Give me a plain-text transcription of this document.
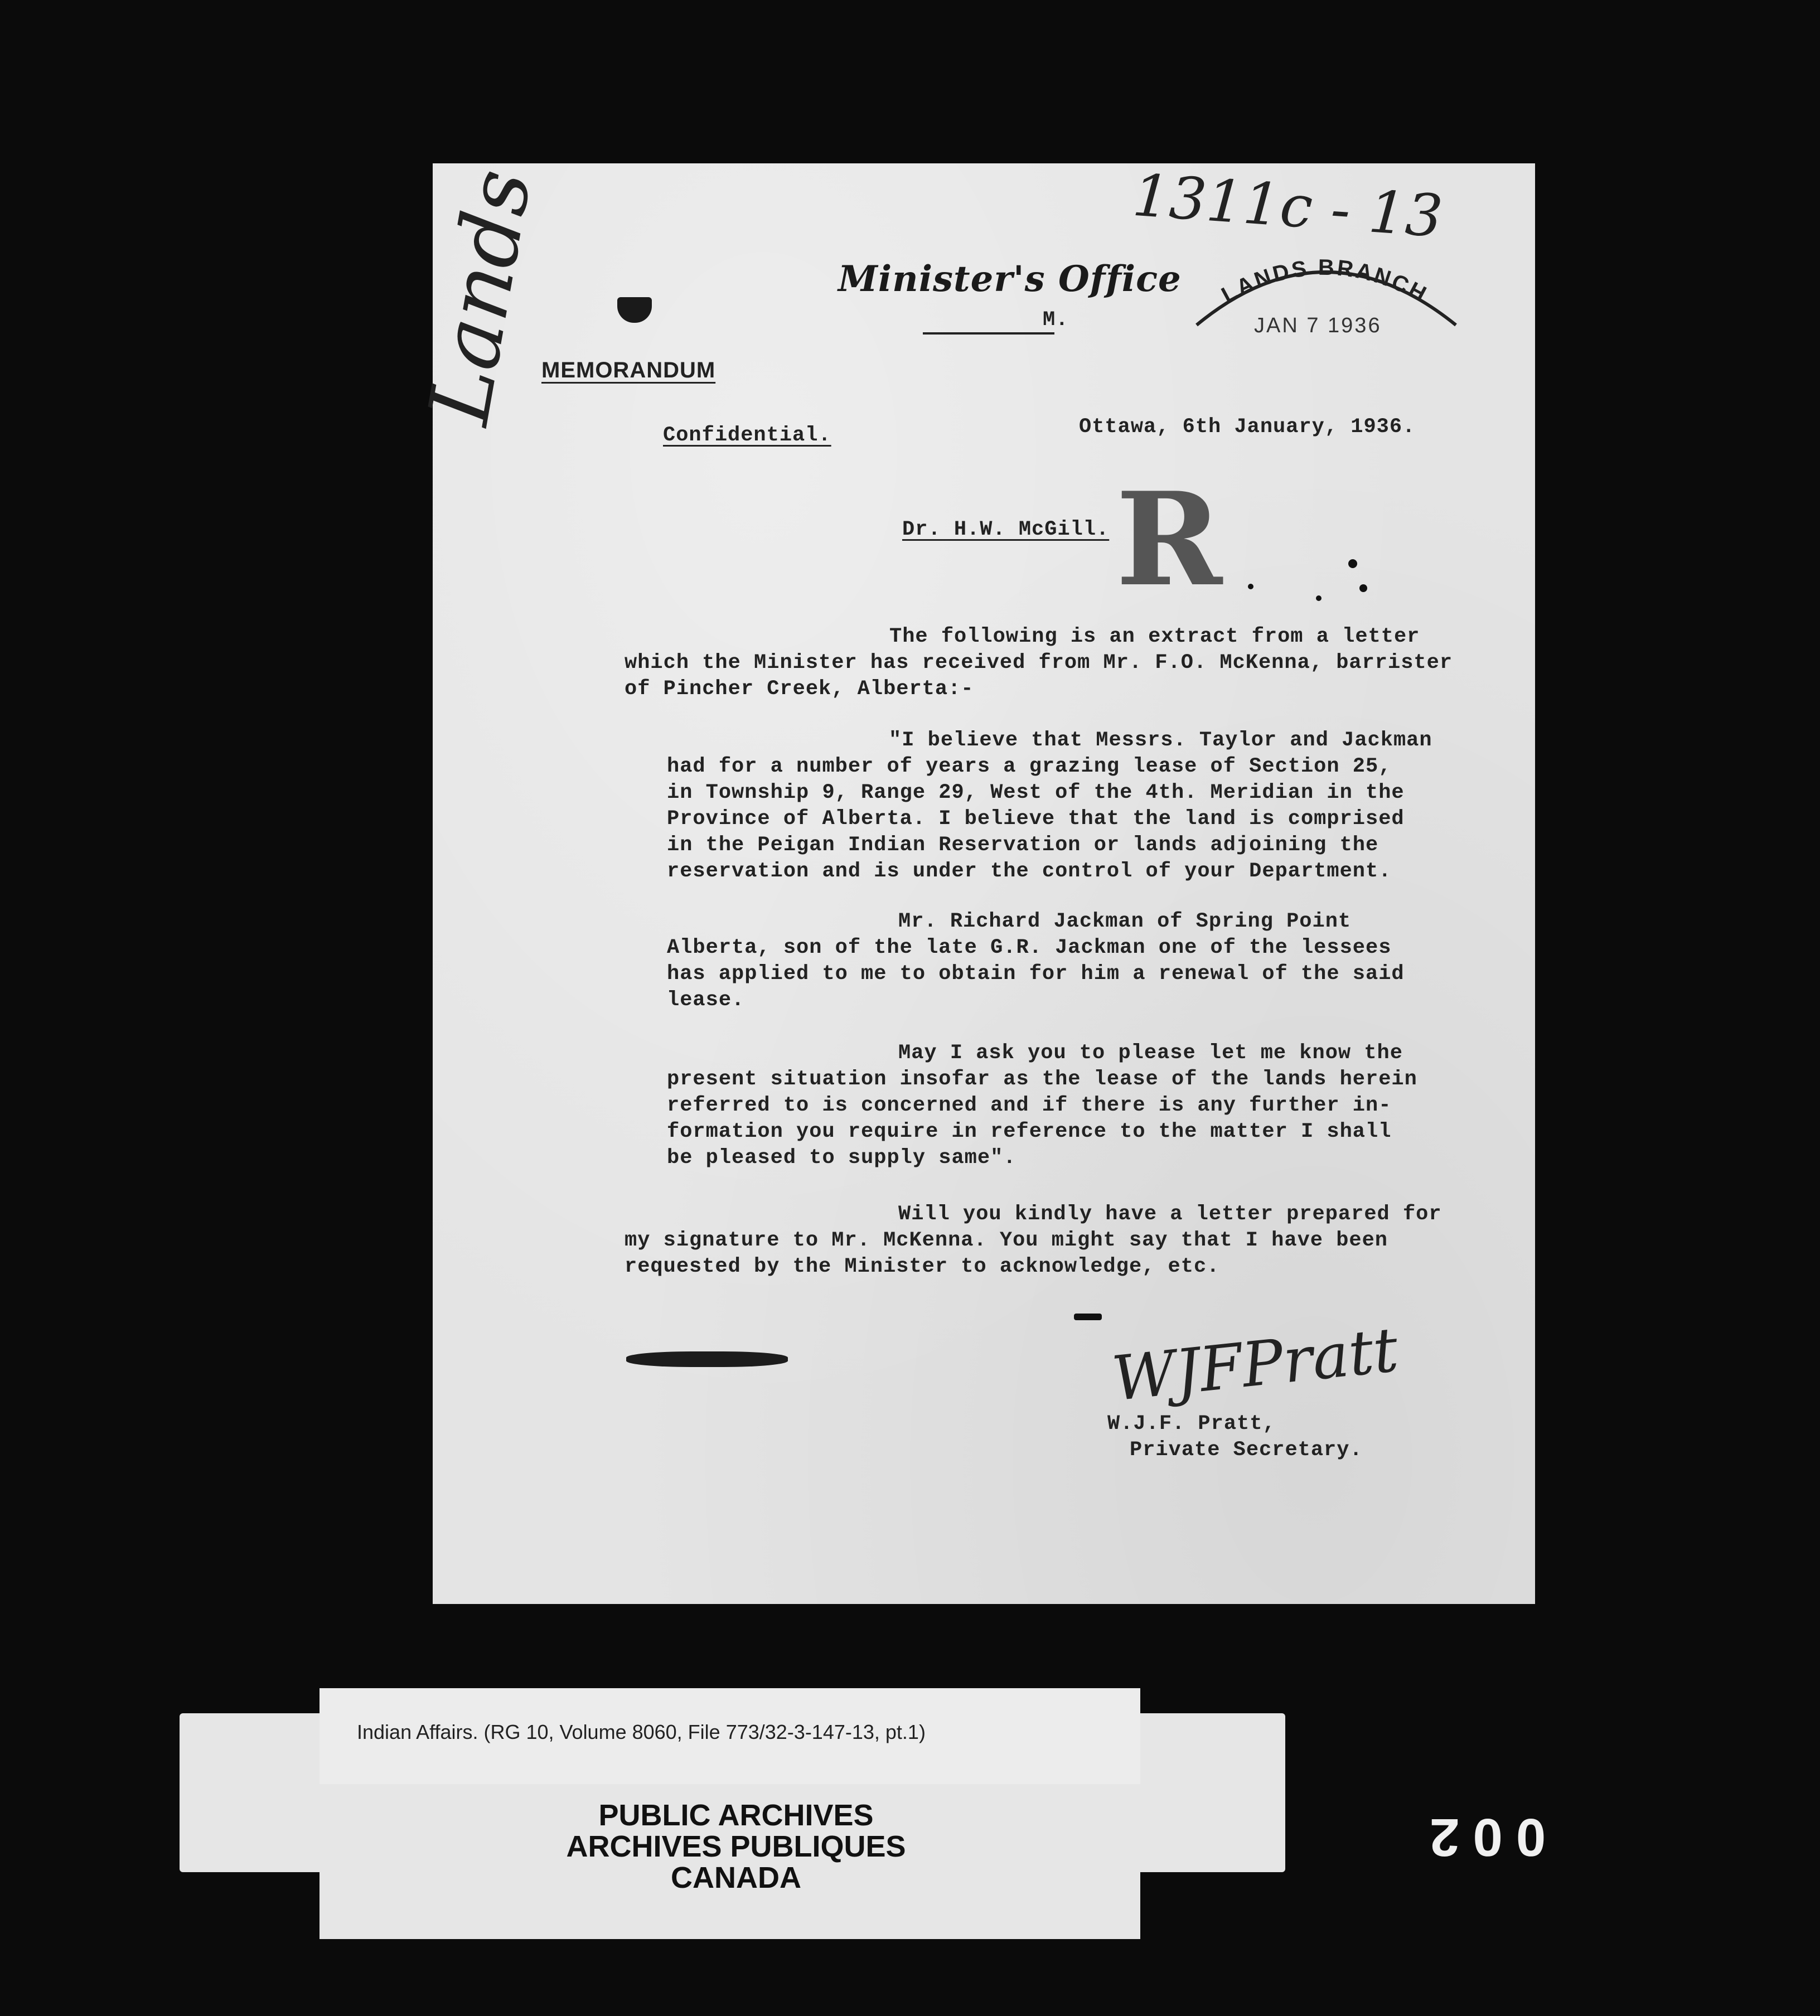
1311c - 13
Minister's Office
M.
LANDS BRANCH
JAN 7 1936
Lands
MEMORANDUM
Confidential.	Ottawa, 6th January, 1936.
Dr. H.W. McGill. R
The following is an extract from a letter
which the Minister has received from Mr. F.O. McKenna, barrister
of Pincher Creek, Alberta:-
"I believe that Messrs. Taylor and Jackman
had for a number of years a grazing lease of Section 25,
in Township 9, Range 29, West of the 4th. Meridian in the
Province of Alberta. I believe that the land is comprised
in the Peigan Indian Reservation or lands adjoining the
reservation and is under the control of your Department.
Mr. Richard Jackman of Spring Point
Alberta, son of the late G.R. Jackman one of the lessees
has applied to me to obtain for him a renewal of the said
lease.
May I ask you to please let me know the
present situation insofar as the lease of the lands herein
referred to is concerned and if there is any further in-
formation you require in reference to the matter I shall
be pleased to supply same".
Will you kindly have a letter prepared for
my signature to Mr. McKenna. You might say that I have been
requested by the Minister to acknowledge, etc.
WJFPratt
W.J.F. Pratt,
Private Secretary.
Indian Affairs. (RG 10, Volume 8060, File 773/32-3-147-13, pt.1)
PUBLIC ARCHIVES
ARCHIVES PUBLIQUES
CANADA
002
